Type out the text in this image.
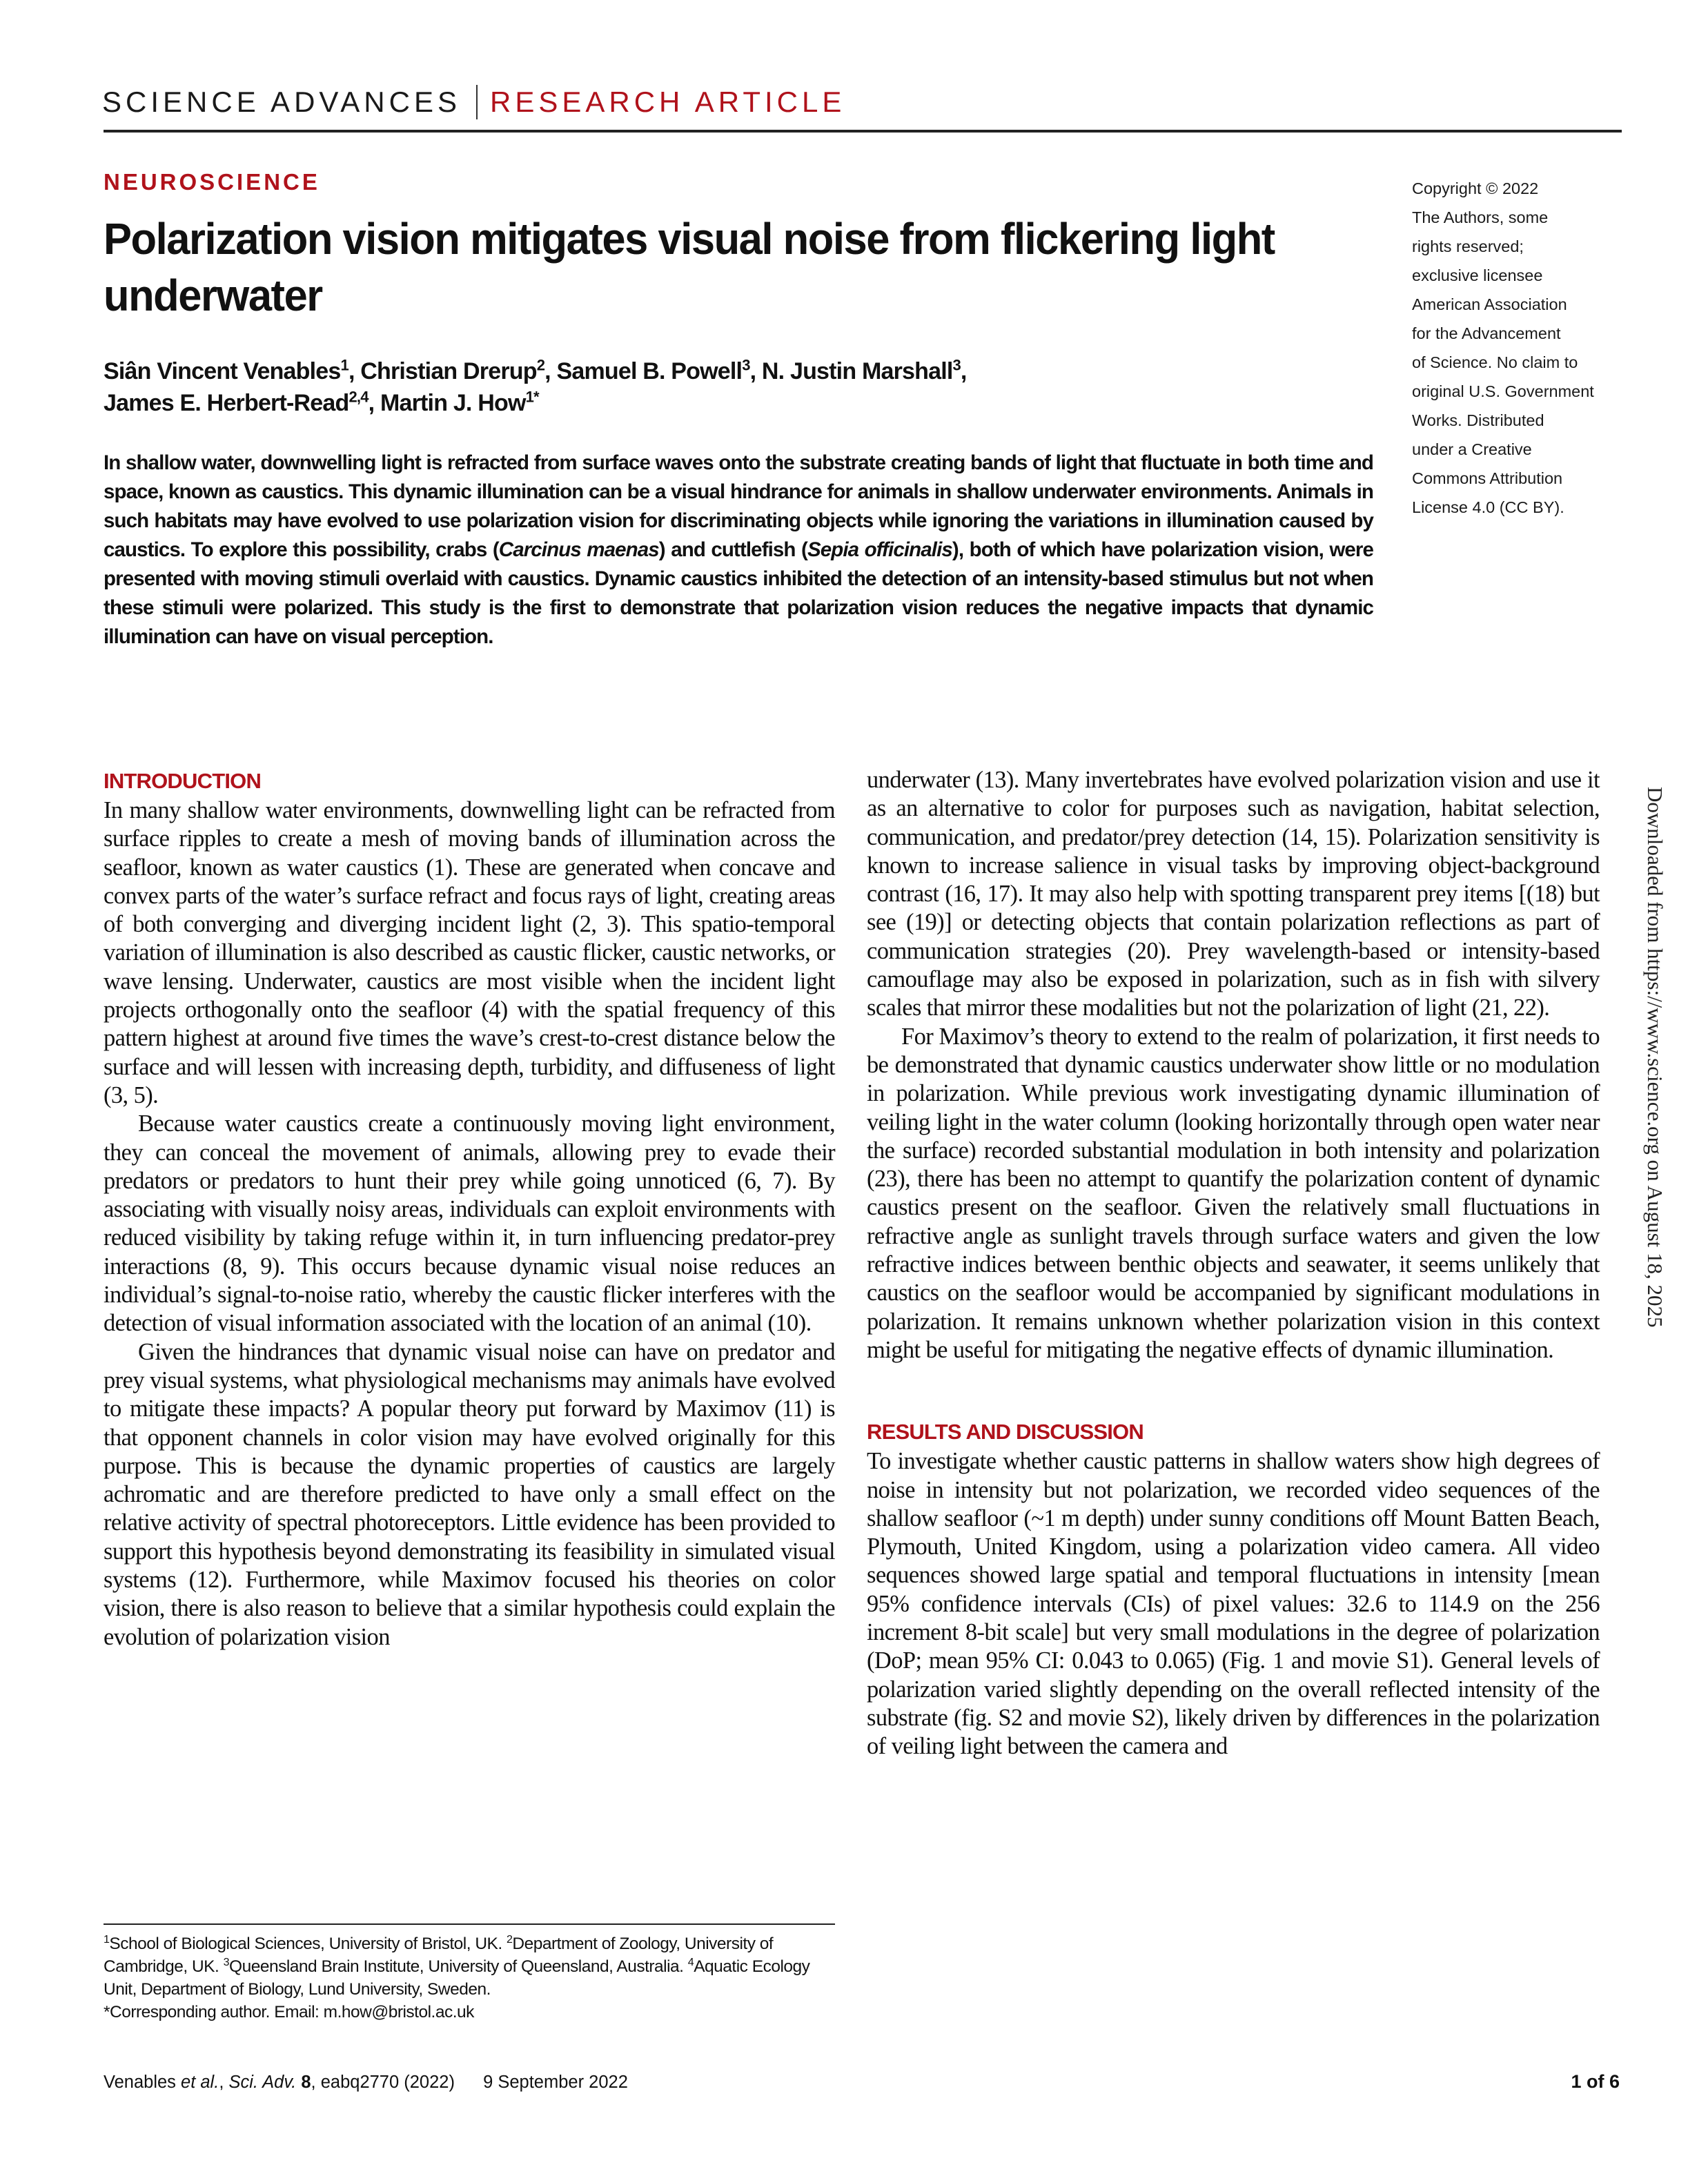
SCIENCE ADVANCES RESEARCH ARTICLE
NEUROSCIENCE
Polarization vision mitigates visual noise from flickering light underwater
Siân Vincent Venables$^1$, Christian Drerup$^2$, Samuel B. Powell$^3$, N. Justin Marshall$^3$,
James E. Herbert-Read$^{2,4}$, Martin J. How$^{1*}$
In shallow water, downwelling light is refracted from surface waves onto the substrate creating bands of light that fluctuate in both time and space, known as caustics. This dynamic illumination can be a visual hindrance for animals in shallow underwater environments. Animals in such habitats may have evolved to use polarization vision for discriminating objects while ignoring the variations in illumination caused by caustics. To explore this possibility, crabs (Carcinus maenas) and cuttlefish (Sepia officinalis), both of which have polarization vision, were presented with moving stimuli overlaid with caustics. Dynamic caustics inhibited the detection of an intensity-based stimulus but not when these stimuli were polarized. This study is the first to demonstrate that polarization vision reduces the negative impacts that dynamic illumination can have on visual perception.
Copyright © 2022
The Authors, some
rights reserved;
exclusive licensee
American Association
for the Advancement
of Science. No claim to
original U.S. Government
Works. Distributed
under a Creative
Commons Attribution
License 4.0 (CC BY).
INTRODUCTION

In many shallow water environments, downwelling light can be refracted from surface ripples to create a mesh of moving bands of illumination across the seafloor, known as water caustics (1). These are generated when concave and convex parts of the water’s surface refract and focus rays of light, creating areas of both converging and diverging incident light (2, 3). This spatio-temporal variation of illumination is also described as caustic flicker, caustic networks, or wave lensing. Underwater, caustics are most visible when the incident light projects orthogonally onto the seafloor (4) with the spatial frequency of this pattern highest at around five times the wave’s crest-to-crest distance below the surface and will lessen with increasing depth, turbidity, and diffuseness of light (3, 5).

Because water caustics create a continuously moving light environment, they can conceal the movement of animals, allowing prey to evade their predators or predators to hunt their prey while going unnoticed (6, 7). By associating with visually noisy areas, individuals can exploit environments with reduced visibility by taking refuge within it, in turn influencing predator-prey interactions (8, 9). This occurs because dynamic visual noise reduces an individual’s signal-to-noise ratio, whereby the caustic flicker interferes with the detection of visual information associated with the location of an animal (10).

Given the hindrances that dynamic visual noise can have on predator and prey visual systems, what physiological mechanisms may animals have evolved to mitigate these impacts? A popular theory put forward by Maximov (11) is that opponent channels in color vision may have evolved originally for this purpose. This is because the dynamic properties of caustics are largely achromatic and are therefore predicted to have only a small effect on the relative activity of spectral photoreceptors. Little evidence has been provided to support this hypothesis beyond demonstrating its feasibility in simulated visual systems (12). Furthermore, while Maximov focused his theories on color vision, there is also reason to believe that a similar hypothesis could explain the evolution of polarization vision

underwater (13). Many invertebrates have evolved polarization vision and use it as an alternative to color for purposes such as navigation, habitat selection, communication, and predator/prey detection (14, 15). Polarization sensitivity is known to increase salience in visual tasks by improving object-background contrast (16, 17). It may also help with spotting transparent prey items [(18) but see (19)] or detecting objects that contain polarization reflections as part of communication strategies (20). Prey wavelength-based or intensity-based camouflage may also be exposed in polarization, such as in fish with silvery scales that mirror these modalities but not the polarization of light (21, 22).

For Maximov’s theory to extend to the realm of polarization, it first needs to be demonstrated that dynamic caustics underwater show little or no modulation in polarization. While previous work investigating dynamic illumination of veiling light in the water column (looking horizontally through open water near the surface) recorded substantial modulation in both intensity and polarization (23), there has been no attempt to quantify the polarization content of dynamic caustics present on the seafloor. Given the relatively small fluctuations in refractive angle as sunlight travels through surface waters and given the low refractive indices between benthic objects and seawater, it seems unlikely that caustics on the seafloor would be accompanied by significant modulations in polarization. It remains unknown whether polarization vision in this context might be useful for mitigating the negative effects of dynamic illumination.

RESULTS AND DISCUSSION

To investigate whether caustic patterns in shallow waters show high degrees of noise in intensity but not polarization, we recorded video sequences of the shallow seafloor (~1 m depth) under sunny conditions off Mount Batten Beach, Plymouth, United Kingdom, using a polarization video camera. All video sequences showed large spatial and temporal fluctuations in intensity [mean 95% confidence intervals (CIs) of pixel values: 32.6 to 114.9 on the 256 increment 8-bit scale] but very small modulations in the degree of polarization (DoP; mean 95% CI: 0.043 to 0.065) (Fig. 1 and movie S1). General levels of polarization varied slightly depending on the overall reflected intensity of the substrate (fig. S2 and movie S2), likely driven by differences in the polarization of veiling light between the camera and

$^1$School of Biological Sciences, University of Bristol, UK. $^2$Department of Zoology, University of Cambridge, UK. $^3$Queensland Brain Institute, University of Queensland, Australia. $^4$Aquatic Ecology Unit, Department of Biology, Lund University, Sweden.
*Corresponding author. Email: m.how@bristol.ac.uk
Venables et al., Sci. Adv. 8, eabq2770 (2022) 9 September 2022	1 of 6
Downloaded from https://www.science.org on August 18, 2025
